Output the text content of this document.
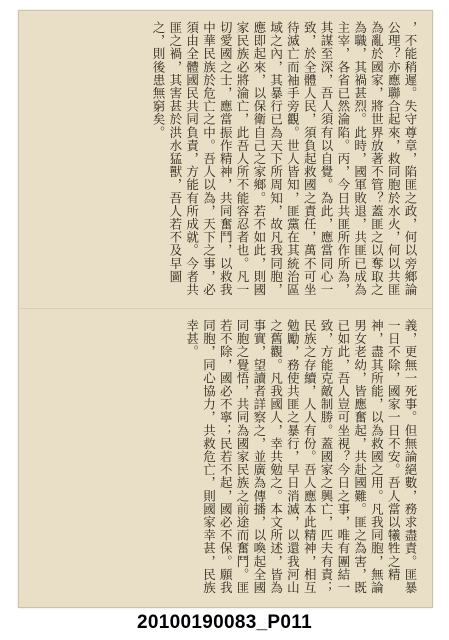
，不能稍遲。失守尊章，陷匪之政，何以旁鄉論公理？亦應聯合起來，救同胞於水火，何以共匪為亂於國家，將世界放著不管？蓋匪之以奪取之為職，其禍甚烈。此時，國軍敗退，共匪已成為主宰，各省已然淪陷。丙，今日共匪所作所為，其謀至深，吾人須有以自覺。為此，應當同心一致，於全體人民，須負起救國之責任，萬不可坐待滅亡而袖手旁觀。世人皆知，匪黨在其統治區域之內，其暴行已為天下所周知，故凡我同胞，應即起來，以保衛自己之家鄉。若不如此，則國家民族必將淪亡，此吾人所不能容忍者也。凡一切愛國之士，應當振作精神，共同奮鬥，以救我中華民族於危亡之中。吾人以為，天下之事，必須由全體國民共同負責，方能有所成就。今者共匪之禍，其害甚於洪水猛獸，吾人若不及早圖之，則後患無窮矣。
義，更無一死事。但無論絕數，務求盡責。匪暴一日不除，國家一日不安。吾人當以犧牲之精神，盡其所能，以為救國之用。凡我同胞，無論男女老幼，皆應奮起，共赴國難。匪之為害，既已如此，吾人豈可坐視？今日之事，唯有團結一致，方能克敵制勝。蓋國家之興亡，匹夫有責；民族之存續，人人有份。吾人應本此精神，相互勉勵，務使共匪之暴行，早日消滅，以還我河山之舊觀。凡我國人，幸共勉之。本文所述，皆為事實，望讀者詳察之，並廣為傳播，以喚起全國同胞之覺悟，共同為國家民族之前途而奮鬥。匪若不除，國必不寧；民若不起，國必不保。願我同胞，同心協力，共救危亡，則國家幸甚，民族幸甚。
20100190083_P011
